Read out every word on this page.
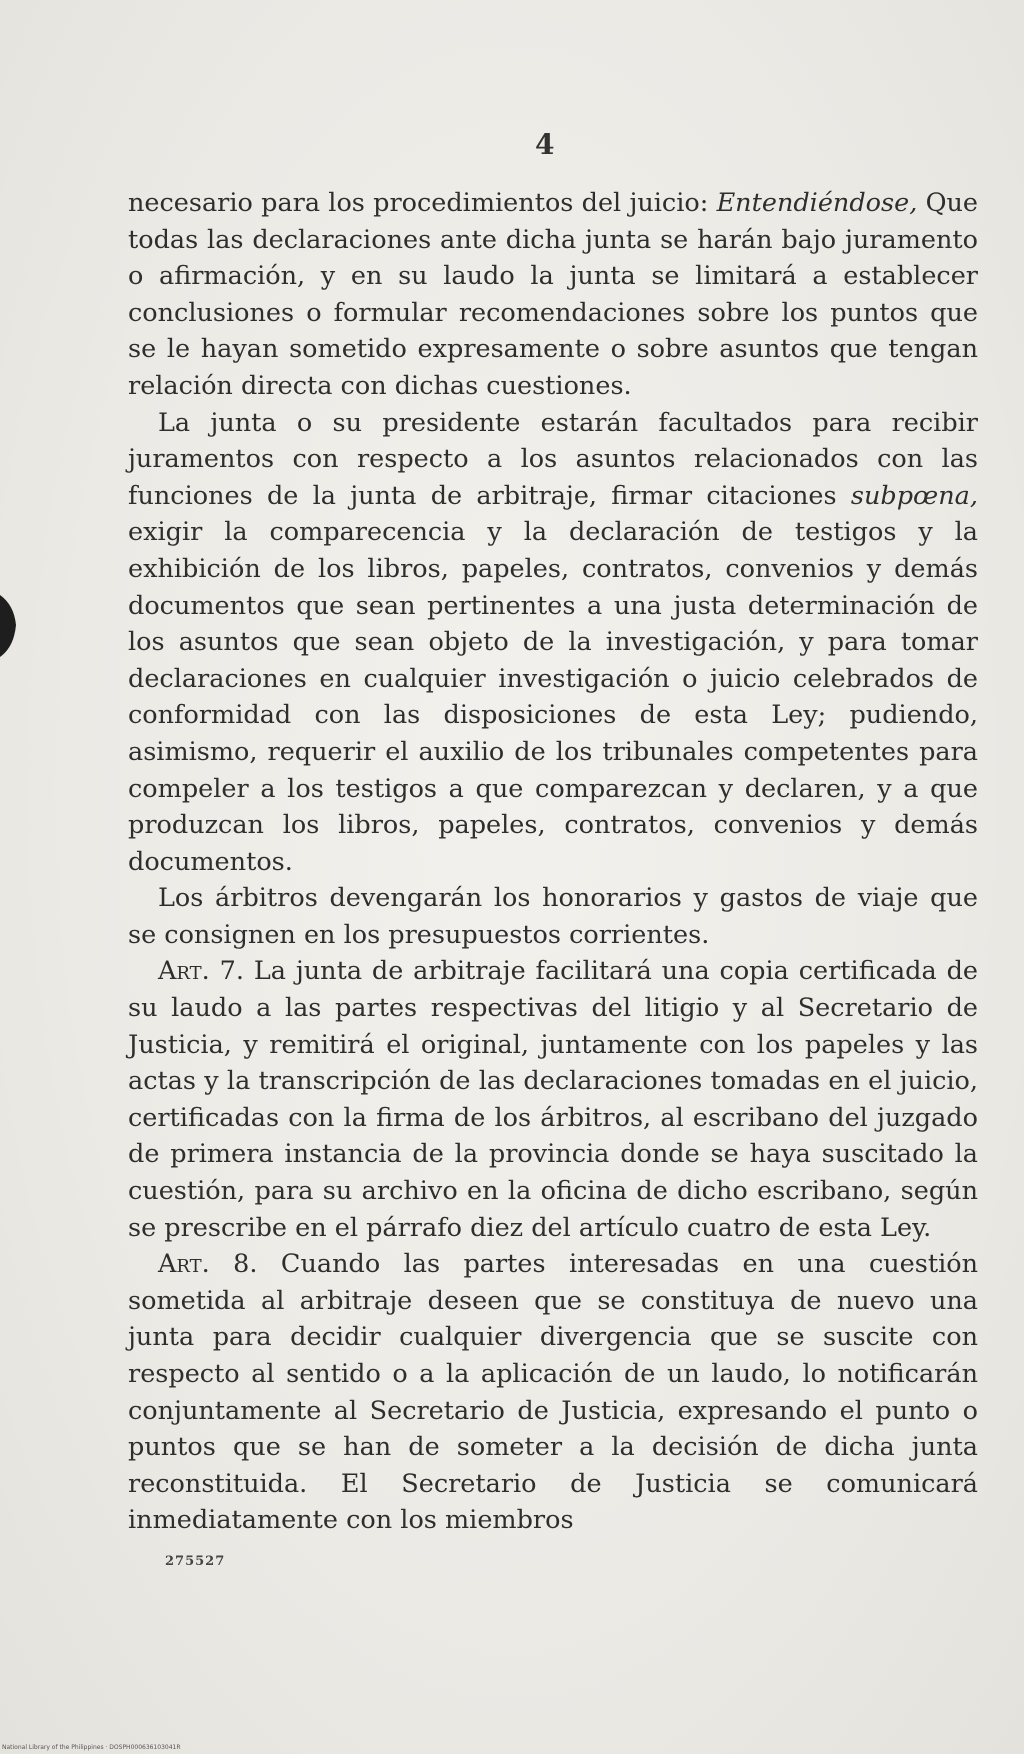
4

necesario para los procedimientos del juicio: Entendiéndose, Que todas las declaraciones ante dicha junta se harán bajo juramento o afirmación, y en su laudo la junta se limitará a establecer conclusiones o formular recomendaciones sobre los puntos que se le hayan sometido expresamente o sobre asuntos que tengan relación directa con dichas cuestiones.

La junta o su presidente estarán facultados para recibir juramentos con respecto a los asuntos relacionados con las funciones de la junta de arbitraje, firmar citaciones subpœna, exigir la comparecencia y la declaración de testigos y la exhibición de los libros, papeles, contratos, convenios y demás documentos que sean pertinentes a una justa determinación de los asuntos que sean objeto de la investigación, y para tomar declaraciones en cualquier investigación o juicio celebrados de conformidad con las disposiciones de esta Ley; pudiendo, asimismo, requerir el auxilio de los tribunales competentes para compeler a los testigos a que comparezcan y declaren, y a que produzcan los libros, papeles, contratos, convenios y demás documentos.

Los árbitros devengarán los honorarios y gastos de viaje que se consignen en los presupuestos corrientes.

Art. 7. La junta de arbitraje facilitará una copia certificada de su laudo a las partes respectivas del litigio y al Secretario de Justicia, y remitirá el original, juntamente con los papeles y las actas y la transcripción de las declaraciones tomadas en el juicio, certificadas con la firma de los árbitros, al escribano del juzgado de primera instancia de la provincia donde se haya suscitado la cuestión, para su archivo en la oficina de dicho escribano, según se prescribe en el párrafo diez del artículo cuatro de esta Ley.

Art. 8. Cuando las partes interesadas en una cuestión sometida al arbitraje deseen que se constituya de nuevo una junta para decidir cualquier divergencia que se suscite con respecto al sentido o a la aplicación de un laudo, lo notificarán conjuntamente al Secretario de Justicia, expresando el punto o puntos que se han de someter a la decisión de dicha junta reconstituida. El Secretario de Justicia se comunicará inmediatamente con los miembros

275527
National Library of the Philippines · DOSPH000636103041R
